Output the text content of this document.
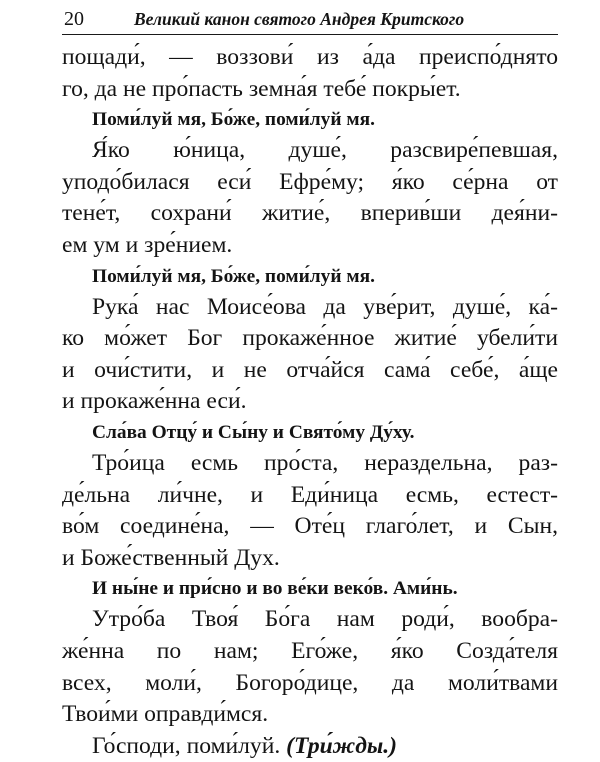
20	Великий канон святого Андрея Критского
пощади́, — воззови́ из а́да преиспо́днято
го, да не про́пасть земна́я тебе́ покры́ет.
Поми́луй мя, Бо́же, поми́луй мя.
Я́ко ю́ница, душе́, разсвире́певшая,
уподо́билася еси́ Ефре́му; я́ко се́рна от
тене́т, сохрани́ житие́, вперив́ши дея́ни-
ем ум и зре́нием.
Поми́луй мя, Бо́же, поми́луй мя.
Рука́ нас Моисе́ова да уве́рит, душе́, ка́-
ко мо́жет Бог прокаже́нное житие́ убели́ти
и очи́стити, и не отча́йся сама́ себе́, а́ще
и прокаже́нна еси́.
Сла́ва Отцу́ и Сы́ну и Свято́му Ду́ху.
Тро́ица есмь про́ста, нераздельна, раз-
де́льна ли́чне, и Еди́ница есмь, естест-
во́м соедине́на, — Оте́ц глаго́лет, и Сын,
и Боже́ственный Дух.
И ны́не и при́сно и во ве́ки веко́в. Ами́нь.
Утро́ба Твоя́ Бо́га нам роди́, вообра-
же́нна по нам; Его́же, я́ко Созда́теля
всех, моли́, Богоро́дице, да моли́твами
Твои́ми оправди́мся.
Го́споди, поми́луй. (Три́жды.)
